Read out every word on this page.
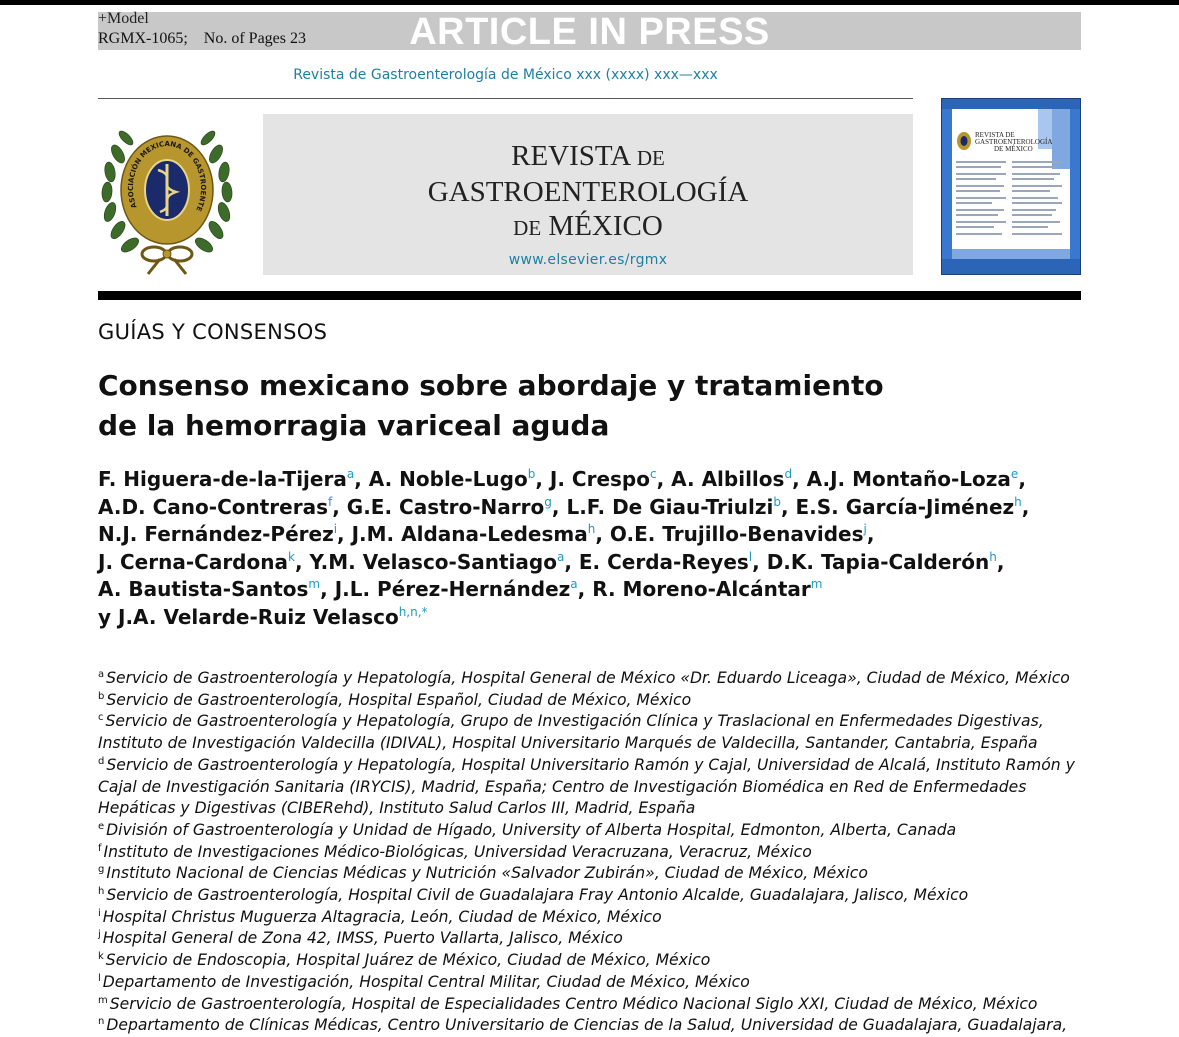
ARTICLE IN PRESS
+Model
RGMX-1065; No. of Pages 23
Revista de Gastroenterología de México xxx (xxxx) xxx—xxx
ASOCIACIÓN MEXICANA DE GASTROENTE
REVISTA DE
GASTROENTEROLOGÍA
DE MÉXICO
www.elsevier.es/rgmx
REVISTA DE
GASTROENTEROLOGÍA
DE MÉXICO
GUÍAS Y CONSENSOS
Consenso mexicano sobre abordaje y tratamiento
de la hemorragia variceal aguda
F. Higuera-de-la-Tijera$^a$, A. Noble-Lugo$^b$, J. Crespo$^c$, A. Albillos$^d$, A.J. Montaño-Loza$^e$,
A.D. Cano-Contreras$^f$, G.E. Castro-Narro$^g$, L.F. De Giau-Triulzi$^b$, E.S. García-Jiménez$^h$,
N.J. Fernández-Pérez$^i$, J.M. Aldana-Ledesma$^h$, O.E. Trujillo-Benavides$^j$,
J. Cerna-Cardona$^k$, Y.M. Velasco-Santiago$^a$, E. Cerda-Reyes$^l$, D.K. Tapia-Calderón$^h$,
A. Bautista-Santos$^m$, J.L. Pérez-Hernández$^a$, R. Moreno-Alcántar$^m$
y J.A. Velarde-Ruiz Velasco$^{h,n,*}$
$^a$ Servicio de Gastroenterología y Hepatología, Hospital General de México «Dr. Eduardo Liceaga», Ciudad de México, México
$^b$ Servicio de Gastroenterología, Hospital Español, Ciudad de México, México
$^c$ Servicio de Gastroenterología y Hepatología, Grupo de Investigación Clínica y Traslacional en Enfermedades Digestivas, Instituto de Investigación Valdecilla (IDIVAL), Hospital Universitario Marqués de Valdecilla, Santander, Cantabria, España
$^d$ Servicio de Gastroenterología y Hepatología, Hospital Universitario Ramón y Cajal, Universidad de Alcalá, Instituto Ramón y Cajal de Investigación Sanitaria (IRYCIS), Madrid, España; Centro de Investigación Biomédica en Red de Enfermedades Hepáticas y Digestivas (CIBERehd), Instituto Salud Carlos III, Madrid, España
$^e$ División of Gastroenterología y Unidad de Hígado, University of Alberta Hospital, Edmonton, Alberta, Canada
$^f$ Instituto de Investigaciones Médico-Biológicas, Universidad Veracruzana, Veracruz, México
$^g$ Instituto Nacional de Ciencias Médicas y Nutrición «Salvador Zubirán», Ciudad de México, México
$^h$ Servicio de Gastroenterología, Hospital Civil de Guadalajara Fray Antonio Alcalde, Guadalajara, Jalisco, México
$^i$ Hospital Christus Muguerza Altagracia, León, Ciudad de México, México
$^j$ Hospital General de Zona 42, IMSS, Puerto Vallarta, Jalisco, México
$^k$ Servicio de Endoscopia, Hospital Juárez de México, Ciudad de México, México
$^l$ Departamento de Investigación, Hospital Central Militar, Ciudad de México, México
$^m$ Servicio de Gastroenterología, Hospital de Especialidades Centro Médico Nacional Siglo XXI, Ciudad de México, México
$^n$ Departamento de Clínicas Médicas, Centro Universitario de Ciencias de la Salud, Universidad de Guadalajara, Guadalajara,
